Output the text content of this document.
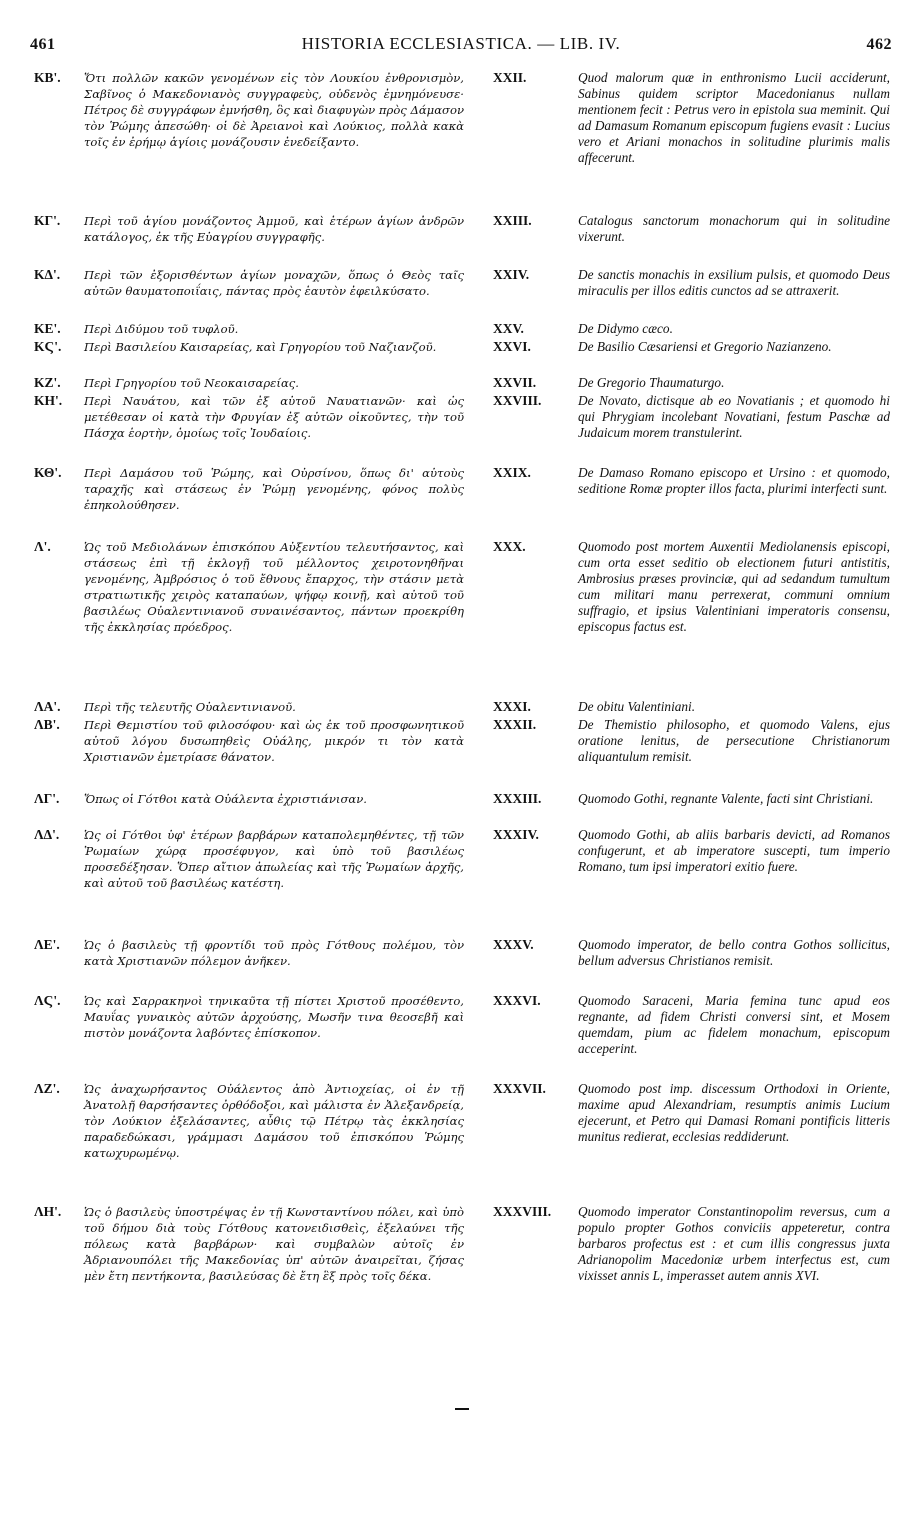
461	HISTORIA ECCLESIASTICA. — LIB. IV.	462
ΚΒ'.	Ὅτι πολλῶν κακῶν γενομένων εἰς τὸν Λουκίου ἐνθρονισμὸν, Σαβῖνος ὁ Μακεδονιανὸς συγγραφεὺς, οὐδενὸς ἐμνημόνευσε· Πέτρος δὲ συγγράφων ἐμνήσθη, ὃς καὶ διαφυγὼν πρὸς Δάμασον τὸν Ῥώμης ἀπεσώθη· οἱ δὲ Ἀρειανοὶ καὶ Λούκιος, πολλὰ κακὰ τοῖς ἐν ἐρήμῳ ἁγίοις μονάζουσιν ἐνεδείξαντο.
XXII.	Quod malorum quæ in enthronismo Lucii acciderunt, Sabinus quidem scriptor Macedonianus nullam mentionem fecit : Petrus vero in epistola sua meminit. Qui ad Damasum Romanum episcopum fugiens evasit : Lucius vero et Ariani monachos in solitudine plurimis malis affecerunt.
ΚΓ'.	Περὶ τοῦ ἁγίου μονάζοντος Ἀμμοῦ, καὶ ἑτέρων ἁγίων ἀνδρῶν κατάλογος, ἐκ τῆς Εὐαγρίου συγγραφῆς.
XXIII.	Catalogus sanctorum monachorum qui in solitudine vixerunt.
ΚΔ'.	Περὶ τῶν ἐξορισθέντων ἁγίων μοναχῶν, ὅπως ὁ Θεὸς ταῖς αὐτῶν θαυματοποιΐαις, πάντας πρὸς ἑαυτὸν ἐφειλκύσατο.
XXIV.	De sanctis monachis in exsilium pulsis, et quomodo Deus miraculis per illos editis cunctos ad se attraxerit.
ΚΕ'.	Περὶ Διδύμου τοῦ τυφλοῦ.	XXV.	De Didymo cæco.
ΚϚ'.	Περὶ Βασιλείου Καισαρείας, καὶ Γρηγορίου τοῦ Ναζιανζοῦ.	XXVI.	De Basilio Cæsariensi et Gregorio Nazianzeno.
ΚΖ'.	Περὶ Γρηγορίου τοῦ Νεοκαισαρείας.	XXVII.	De Gregorio Thaumaturgo.
ΚΗ'.	Περὶ Ναυάτου, καὶ τῶν ἐξ αὐτοῦ Ναυατιανῶν· καὶ ὡς μετέθεσαν οἱ κατὰ τὴν Φρυγίαν ἐξ αὐτῶν οἰκοῦντες, τὴν τοῦ Πάσχα ἑορτὴν, ὁμοίως τοῖς Ἰουδαίοις.
XXVIII.	De Novato, dictisque ab eo Novatianis ; et quomodo hi qui Phrygiam incolebant Novatiani, festum Paschæ ad Judaicum morem transtulerint.
ΚΘ'.	Περὶ Δαμάσου τοῦ Ῥώμης, καὶ Οὐρσίνου, ὅπως δι' αὐτοὺς ταραχῆς καὶ στάσεως ἐν Ῥώμῃ γενομένης, φόνος πολὺς ἐπηκολούθησεν.
XXIX.	De Damaso Romano episcopo et Ursino : et quomodo, seditione Romæ propter illos facta, plurimi interfecti sunt.
Λ'.	Ὡς τοῦ Μεδιολάνων ἐπισκόπου Αὐξεντίου τελευτήσαντος, καὶ στάσεως ἐπὶ τῇ ἐκλογῇ τοῦ μέλλοντος χειροτονηθῆναι γενομένης, Ἀμβρόσιος ὁ τοῦ ἔθνους ἔπαρχος, τὴν στάσιν μετὰ στρατιωτικῆς χειρὸς καταπαύων, ψήφῳ κοινῇ, καὶ αὐτοῦ τοῦ βασιλέως Οὐαλεντινιανοῦ συναινέσαντος, πάντων προεκρίθη τῆς ἐκκλησίας πρόεδρος.
XXX.	Quomodo post mortem Auxentii Mediolanensis episcopi, cum orta esset seditio ob electionem futuri antistitis, Ambrosius præses provinciæ, qui ad sedandum tumultum cum militari manu perrexerat, communi omnium suffragio, et ipsius Valentiniani imperatoris consensu, episcopus factus est.
ΛΑ'.	Περὶ τῆς τελευτῆς Οὐαλεντινιανοῦ.	XXXI.	De obitu Valentiniani.
ΛΒ'.	Περὶ Θεμιστίου τοῦ φιλοσόφου· καὶ ὡς ἐκ τοῦ προσφωνητικοῦ αὐτοῦ λόγου δυσωπηθεὶς Οὐάλης, μικρόν τι τὸν κατὰ Χριστιανῶν ἐμετρίασε θάνατον.
XXXII.	De Themistio philosopho, et quomodo Valens, ejus oratione lenitus, de persecutione Christianorum aliquantulum remisit.
ΛΓ'.	Ὅπως οἱ Γότθοι κατὰ Οὐάλεντα ἐχριστιάνισαν.	XXXIII.	Quomodo Gothi, regnante Valente, facti sint Christiani.
ΛΔ'.	Ὡς οἱ Γότθοι ὑφ' ἑτέρων βαρβάρων καταπολεμηθέντες, τῇ τῶν Ῥωμαίων χώρᾳ προσέφυγον, καὶ ὑπὸ τοῦ βασιλέως προσεδέξησαν. Ὅπερ αἴτιον ἀπωλείας καὶ τῆς Ῥωμαίων ἀρχῆς, καὶ αὐτοῦ τοῦ βασιλέως κατέστη.
XXXIV.	Quomodo Gothi, ab aliis barbaris devicti, ad Romanos confugerunt, et ab imperatore suscepti, tum imperio Romano, tum ipsi imperatori exitio fuere.
ΛΕ'.	Ὡς ὁ βασιλεὺς τῇ φροντίδι τοῦ πρὸς Γότθους πολέμου, τὸν κατὰ Χριστιανῶν πόλεμον ἀνῆκεν.
XXXV.	Quomodo imperator, de bello contra Gothos sollicitus, bellum adversus Christianos remisit.
ΛϚ'.	Ὡς καὶ Σαρρακηνοὶ τηνικαῦτα τῇ πίστει Χριστοῦ προσέθεντο, Μαυΐας γυναικὸς αὐτῶν ἀρχούσης, Μωσῆν τινα θεοσεβῆ καὶ πιστὸν μονάζοντα λαβόντες ἐπίσκοπον.
XXXVI.	Quomodo Saraceni, Maria femina tunc apud eos regnante, ad fidem Christi conversi sint, et Mosem quemdam, pium ac fidelem monachum, episcopum acceperint.
ΛΖ'.	Ὡς ἀναχωρήσαντος Οὐάλεντος ἀπὸ Ἀντιοχείας, οἱ ἐν τῇ Ἀνατολῇ θαρσήσαντες ὀρθόδοξοι, καὶ μάλιστα ἐν Ἀλεξανδρείᾳ, τὸν Λούκιον ἐξελάσαντες, αὖθις τῷ Πέτρῳ τὰς ἐκκλησίας παραδεδώκασι, γράμμασι Δαμάσου τοῦ ἐπισκόπου Ῥώμης κατωχυρωμένῳ.
XXXVII.	Quomodo post imp. discessum Orthodoxi in Oriente, maxime apud Alexandriam, resumptis animis Lucium ejecerunt, et Petro qui Damasi Romani pontificis litteris munitus redierat, ecclesias reddiderunt.
ΛΗ'.	Ὡς ὁ βασιλεὺς ὑποστρέψας ἐν τῇ Κωνσταντίνου πόλει, καὶ ὑπὸ τοῦ δήμου διὰ τοὺς Γότθους κατονειδισθεὶς, ἐξελαύνει τῆς πόλεως κατὰ βαρβάρων· καὶ συμβαλὼν αὐτοῖς ἐν Ἀδριανουπόλει τῆς Μακεδονίας ὑπ' αὐτῶν ἀναιρεῖται, ζήσας μὲν ἔτη πεντήκοντα, βασιλεύσας δὲ ἔτη ἓξ πρὸς τοῖς δέκα.
XXXVIII.	Quomodo imperator Constantinopolim reversus, cum a populo propter Gothos conviciis appeteretur, contra barbaros profectus est : et cum illis congressus juxta Adrianopolim Macedoniæ urbem interfectus est, cum vixisset annis L, imperasset autem annis XVI.
